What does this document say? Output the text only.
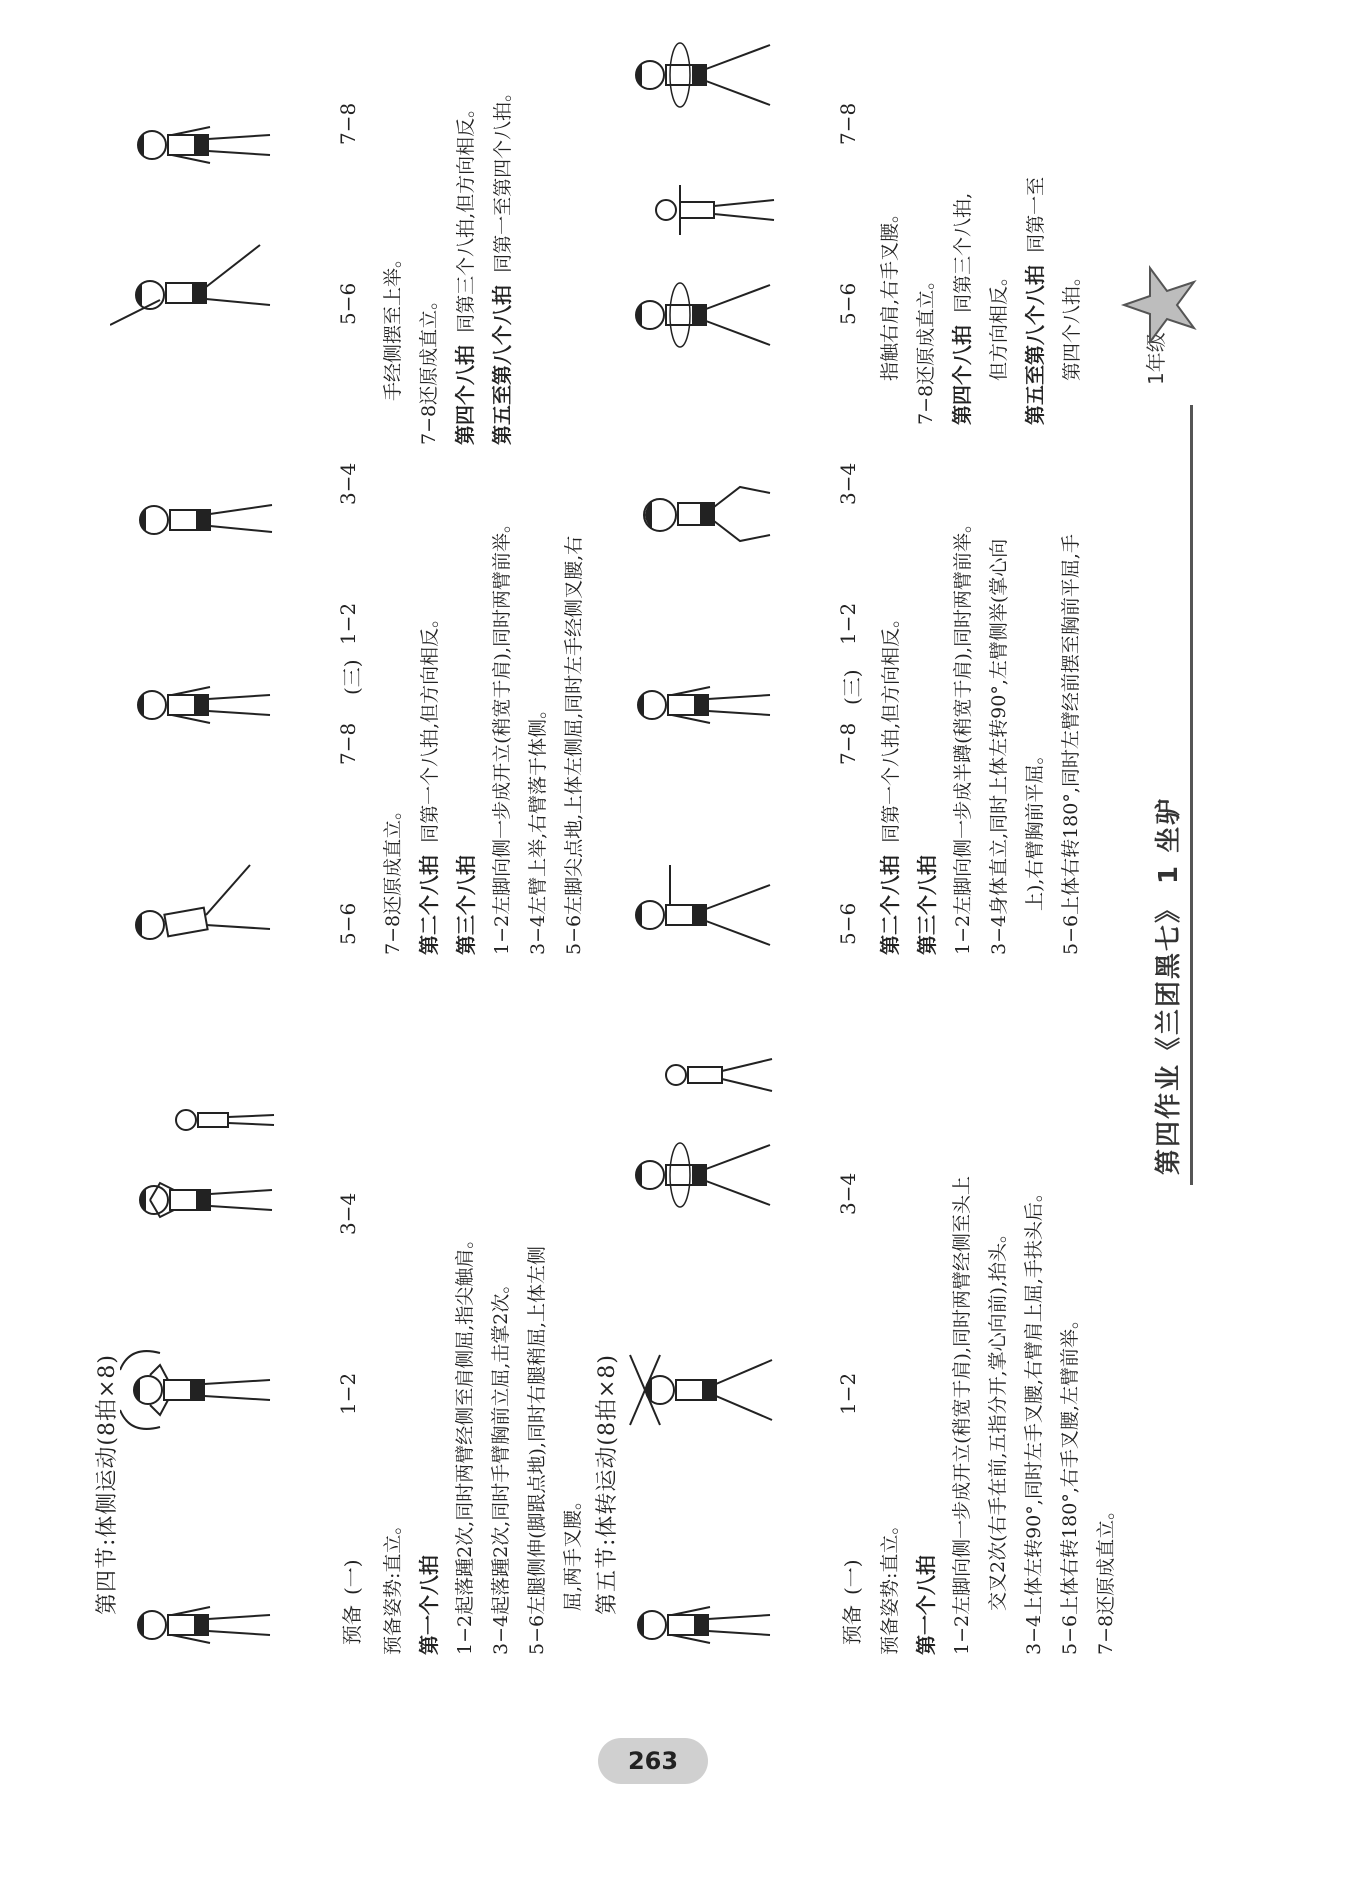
第四节:体侧运动(8拍×8)
预备
(一)
1−2
3−4
5−6
7−8
(三)
1−2
3−4
5−6
7−8
预备姿势:直立。 第一个八拍 1−2起落踵2次,同时两臂经侧至肩侧屈,指尖触肩。 3−4起落踵2次,同时手臂胸前立屈,击掌2次。 5−6左腿侧伸(脚跟点地),同时右腿稍屈,上体左侧 屈,两手叉腰。
7−8还原成直立。 第二个八拍  同第一个八拍,但方向相反。
第三个八拍 1−2左脚向侧一步成开立(稍宽于肩),同时两臂前举。 3−4左臂上举,右臂落于体侧。 5−6左脚尖点地,上体左侧屈,同时左手经侧叉腰,右
手经侧摆至上举。 7−8还原成直立。 第四个八拍  同第三个八拍,但方向相反。
第五至第八个八拍  同第一至第四个八拍。
第五节:体转运动(8拍×8)
预备
(一)
1−2
3−4
5−6
7−8
(三)
1−2
3−4
5−6
7−8
预备姿势:直立。 第一个八拍 1−2左脚向侧一步成开立(稍宽于肩),同时两臂经侧至头上 交叉2次(右手在前,五指分开,掌心向前),抬头。 3−4上体左转90°,同时左手叉腰,右臂肩上屈,手扶头后。 5−6上体右转180°,右手叉腰,左臂前举。 7−8还原成直立。
第二个八拍  同第一个八拍,但方向相反。
第三个八拍 1−2左脚向侧一步成半蹲(稍宽于肩),同时两臂前举。 3−4身体直立,同时上体左转90°,左臂侧举(掌心向 上),右臂胸前平屈。 5−6上体右转180°,同时左臂经前摆至胸前平屈,手
指触右肩,右手叉腰。 7−8还原成直立。 第四个八拍  同第三个八拍,
但方向相反。 第五至第八个八拍  同第一至
第四个八拍。
第四作业《兰团黑七》 1 坐驴
1年级
263
